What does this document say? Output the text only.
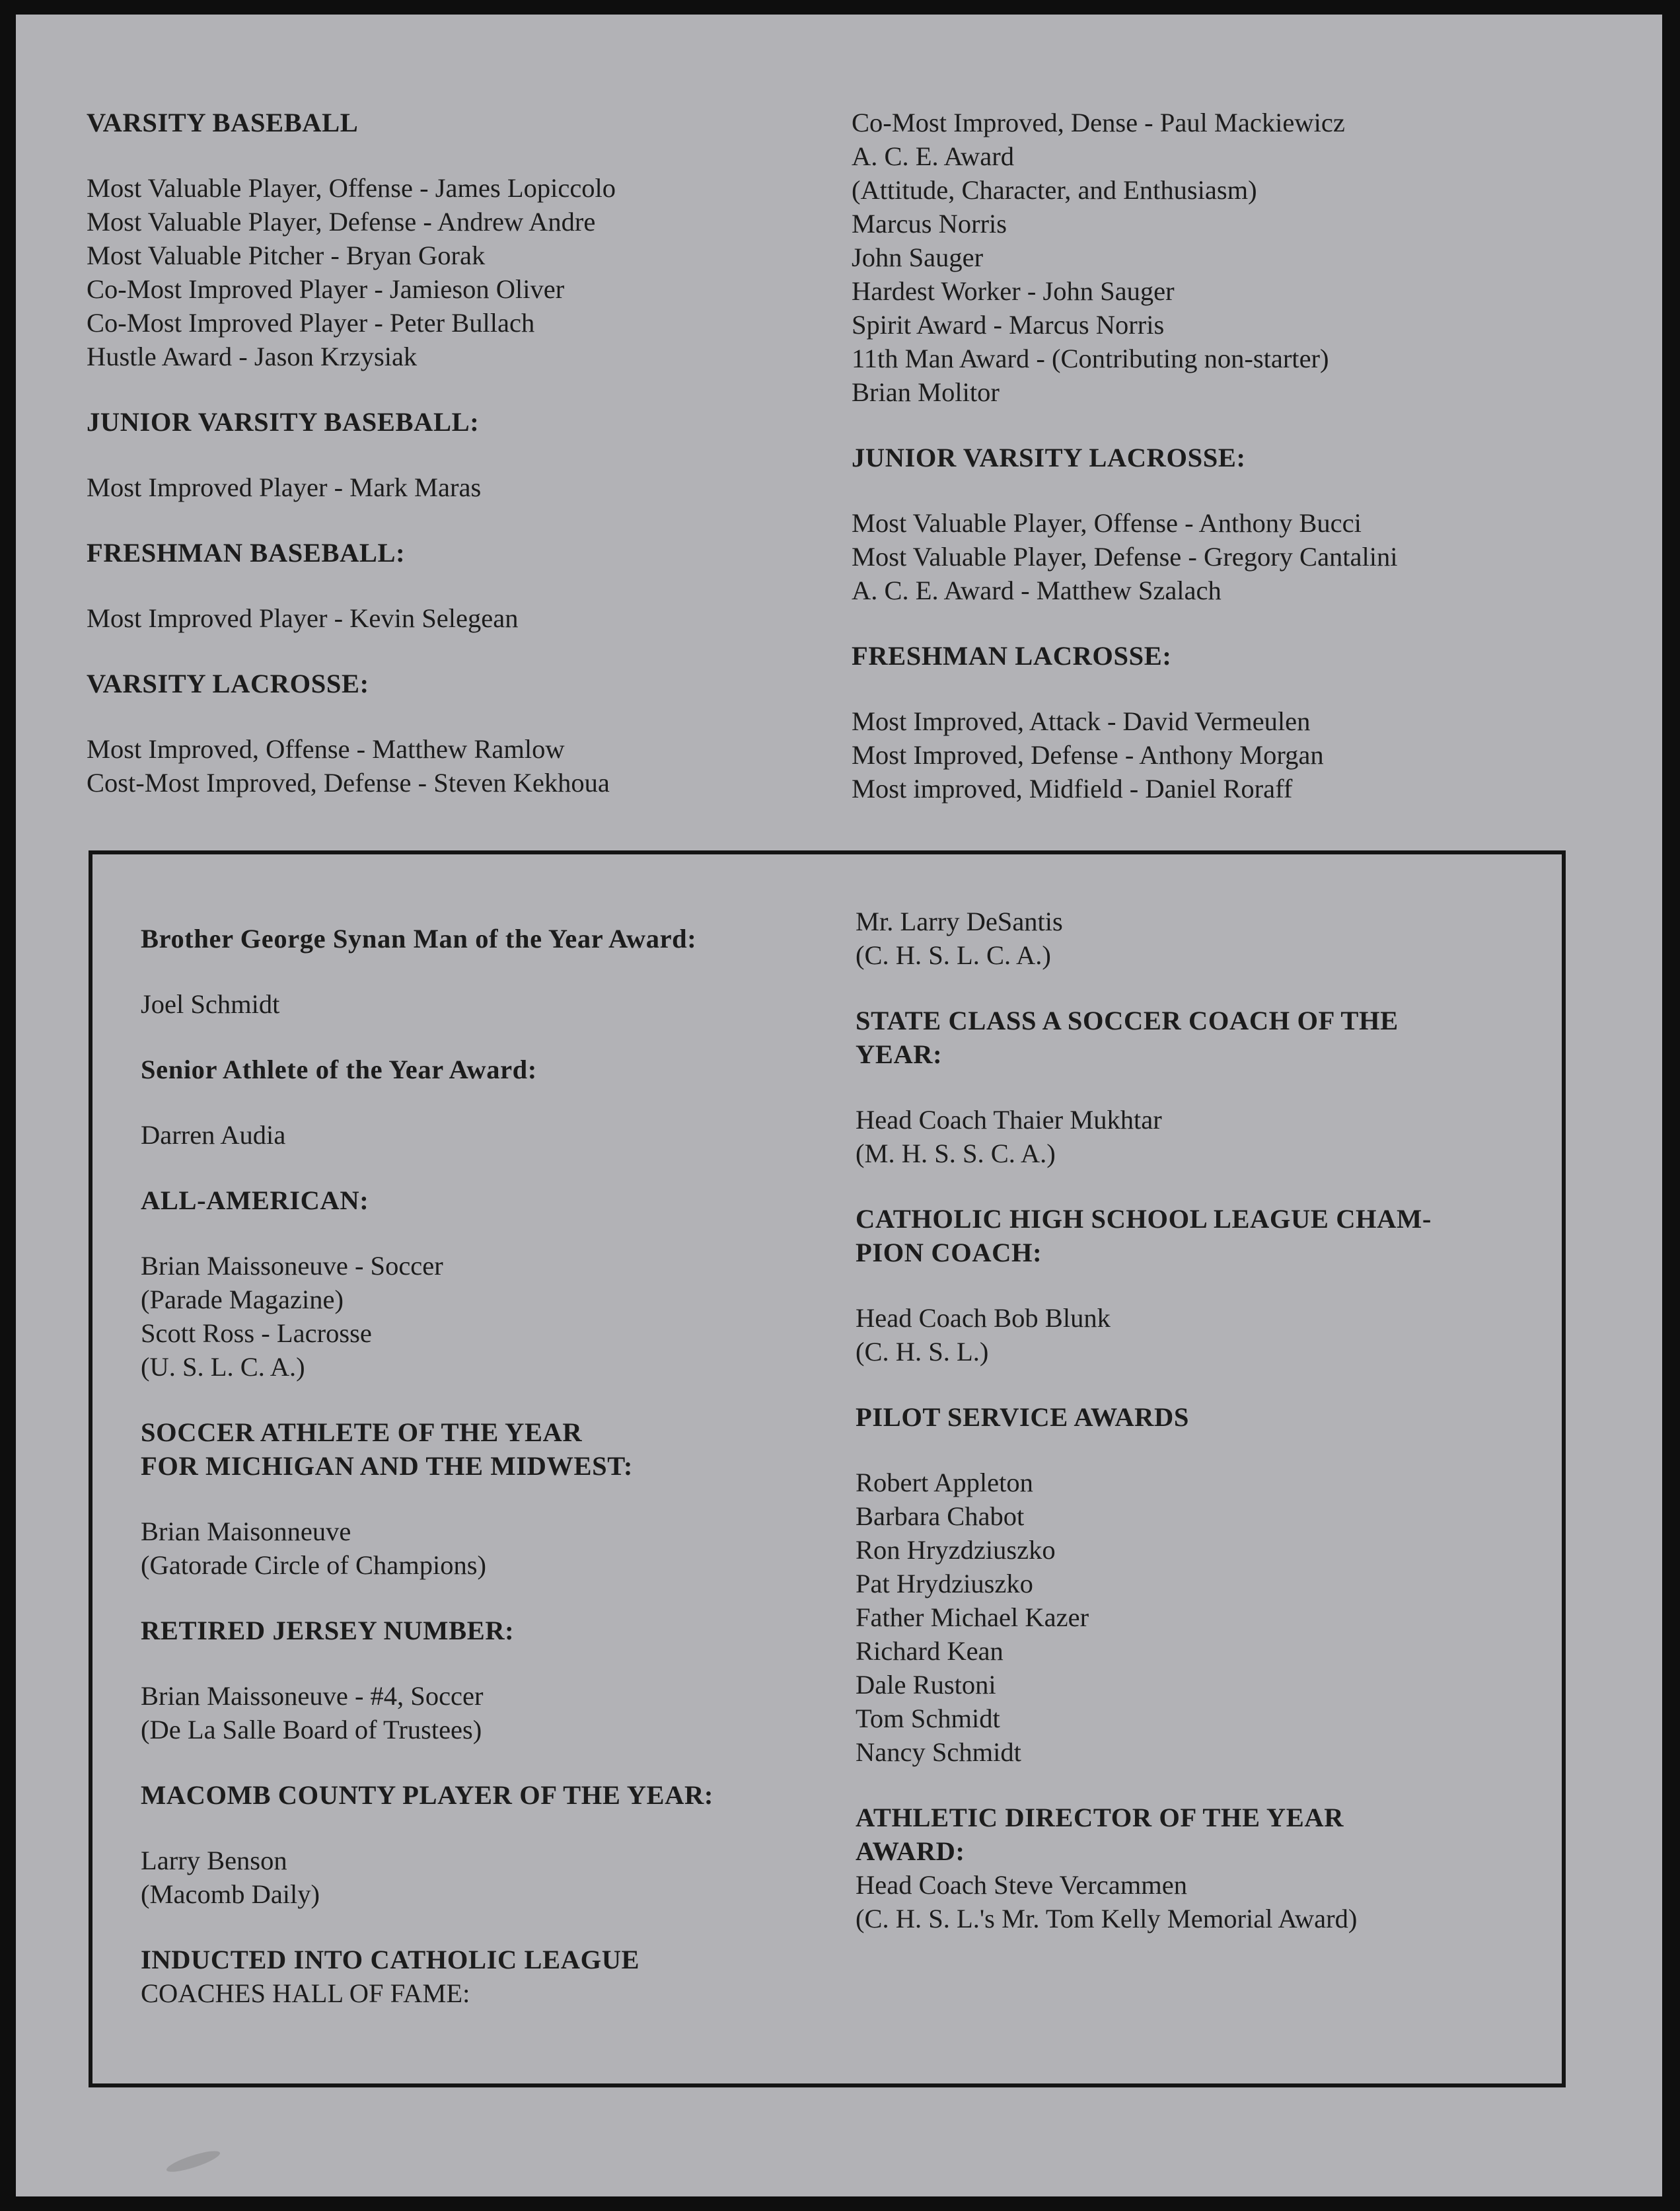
VARSITY BASEBALL
Most Valuable Player, Offense - James Lopiccolo
Most Valuable Player, Defense - Andrew Andre
Most Valuable Pitcher - Bryan Gorak
Co-Most Improved Player - Jamieson Oliver
Co-Most Improved Player - Peter Bullach
Hustle Award - Jason Krzysiak
JUNIOR VARSITY BASEBALL:
Most Improved Player - Mark Maras
FRESHMAN BASEBALL:
Most Improved Player - Kevin Selegean
VARSITY LACROSSE:
Most Improved, Offense - Matthew Ramlow
Cost-Most Improved, Defense - Steven Kekhoua
Co-Most Improved, Dense - Paul Mackiewicz
A. C. E. Award
(Attitude, Character, and Enthusiasm)
Marcus Norris
John Sauger
Hardest Worker - John Sauger
Spirit Award - Marcus Norris
11th Man Award - (Contributing non-starter)
Brian Molitor
JUNIOR VARSITY LACROSSE:
Most Valuable Player, Offense - Anthony Bucci
Most Valuable Player, Defense - Gregory Cantalini
A. C. E. Award - Matthew Szalach
FRESHMAN LACROSSE:
Most Improved, Attack - David Vermeulen
Most Improved, Defense - Anthony Morgan
Most improved, Midfield - Daniel Roraff
Brother George Synan Man of the Year Award:
Joel Schmidt
Senior Athlete of the Year Award:
Darren Audia
ALL-AMERICAN:
Brian Maissoneuve - Soccer
(Parade Magazine)
Scott Ross - Lacrosse
(U. S. L. C. A.)
SOCCER ATHLETE OF THE YEAR
FOR MICHIGAN AND THE MIDWEST:
Brian Maisonneuve
(Gatorade Circle of Champions)
RETIRED JERSEY NUMBER:
Brian Maissoneuve - #4, Soccer
(De La Salle Board of Trustees)
MACOMB COUNTY PLAYER OF THE YEAR:
Larry Benson
(Macomb Daily)
INDUCTED INTO CATHOLIC LEAGUE
COACHES HALL OF FAME:
Mr. Larry DeSantis
(C. H. S. L. C. A.)
STATE CLASS A SOCCER COACH OF THE
YEAR:
Head Coach Thaier Mukhtar
(M. H. S. S. C. A.)
CATHOLIC HIGH SCHOOL LEAGUE CHAM-
PION COACH:
Head Coach Bob Blunk
(C. H. S. L.)
PILOT SERVICE AWARDS
Robert Appleton
Barbara Chabot
Ron Hryzdziuszko
Pat Hrydziuszko
Father Michael Kazer
Richard Kean
Dale Rustoni
Tom Schmidt
Nancy Schmidt
ATHLETIC DIRECTOR OF THE YEAR
AWARD:
Head Coach Steve Vercammen
(C. H. S. L.'s Mr. Tom Kelly Memorial Award)
